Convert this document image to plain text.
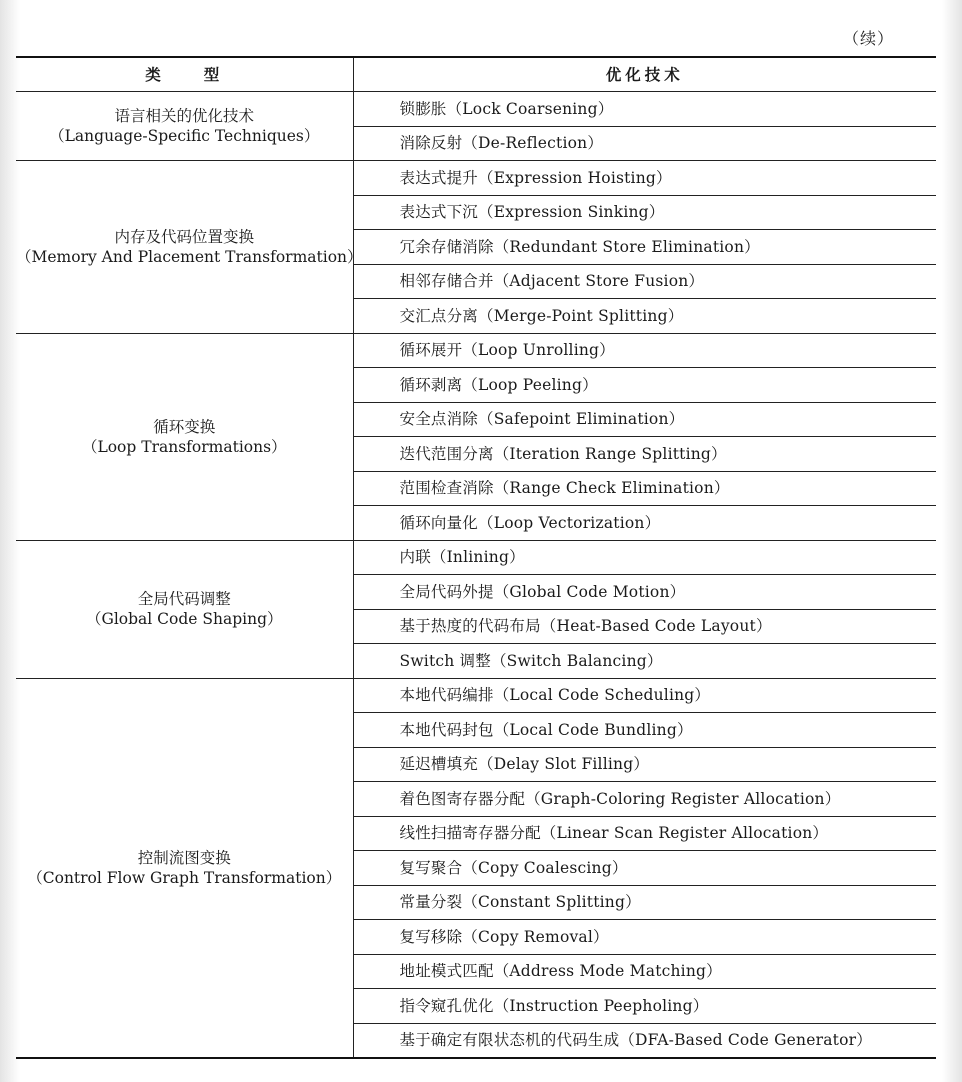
（续）
类　　型	优化技术

语言相关的优化技术
（Language-Specific Techniques）	锁膨胀（Lock Coarsening）
	消除反射（De-Reflection）

内存及代码位置变换
（Memory And Placement Transformation）	表达式提升（Expression Hoisting）
	表达式下沉（Expression Sinking）
	冗余存储消除（Redundant Store Elimination）
	相邻存储合并（Adjacent Store Fusion）
	交汇点分离（Merge-Point Splitting）

循环变换
（Loop Transformations）	循环展开（Loop Unrolling）
	循环剥离（Loop Peeling）
	安全点消除（Safepoint Elimination）
	迭代范围分离（Iteration Range Splitting）
	范围检查消除（Range Check Elimination）
	循环向量化（Loop Vectorization）

全局代码调整
（Global Code Shaping）	内联（Inlining）
	全局代码外提（Global Code Motion）
	基于热度的代码布局（Heat-Based Code Layout）
	Switch 调整（Switch Balancing）

控制流图变换
（Control Flow Graph Transformation）	本地代码编排（Local Code Scheduling）
	本地代码封包（Local Code Bundling）
	延迟槽填充（Delay Slot Filling）
	着色图寄存器分配（Graph-Coloring Register Allocation）
	线性扫描寄存器分配（Linear Scan Register Allocation）
	复写聚合（Copy Coalescing）
	常量分裂（Constant Splitting）
	复写移除（Copy Removal）
	地址模式匹配（Address Mode Matching）
	指令窥孔优化（Instruction Peepholing）
	基于确定有限状态机的代码生成（DFA-Based Code Generator）
